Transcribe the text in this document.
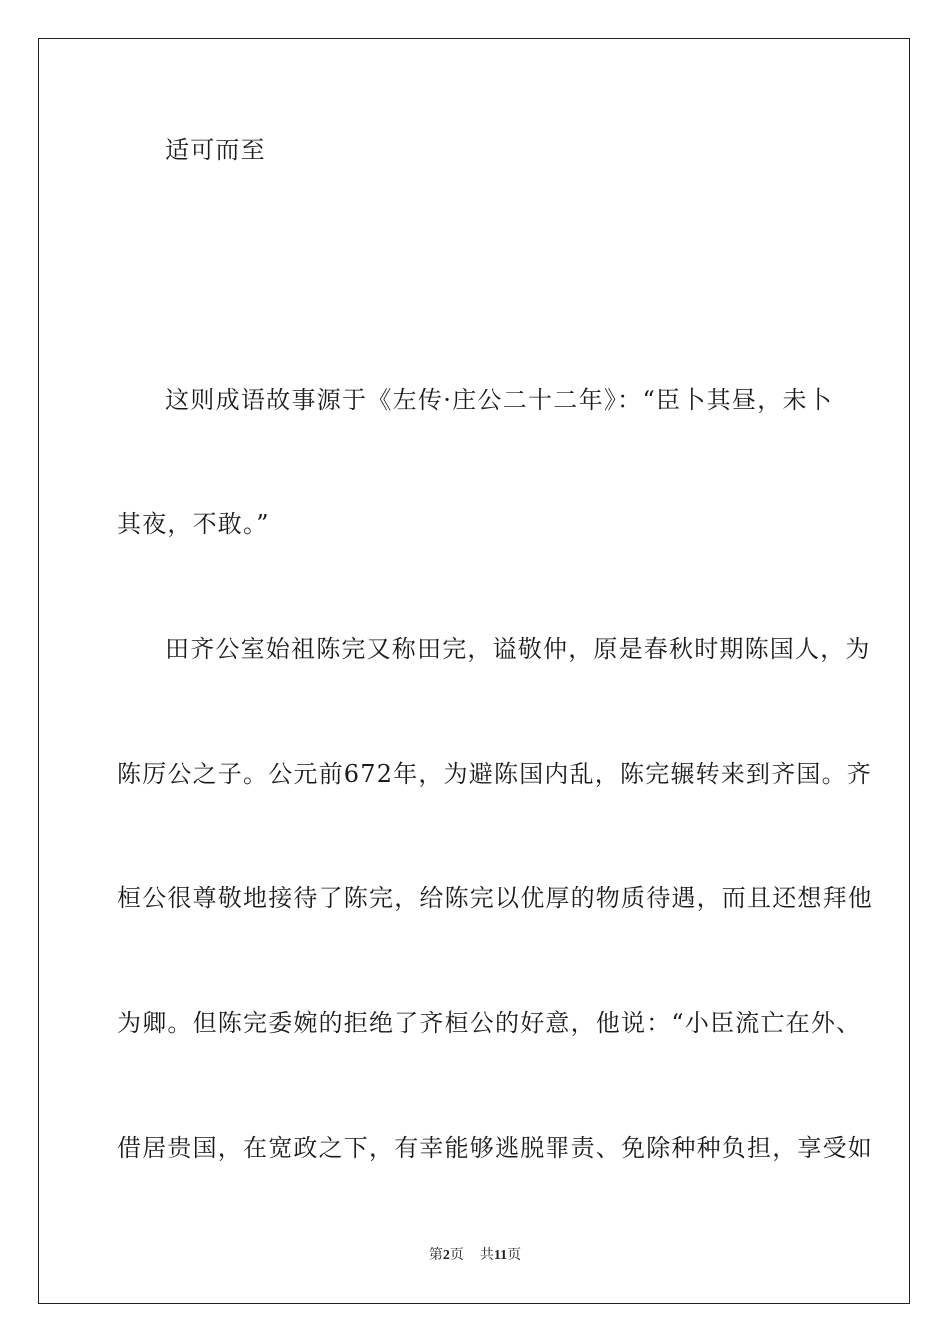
适可而至
这则成语故事源于《左传·庄公二十二年》：“臣卜其昼，未卜
其夜，不敢。”
田齐公室始祖陈完又称田完，谥敬仲，原是春秋时期陈国人，为
陈厉公之子。公元前672年，为避陈国内乱，陈完辗转来到齐国。齐
桓公很尊敬地接待了陈完，给陈完以优厚的物质待遇，而且还想拜他
为卿。但陈完委婉的拒绝了齐桓公的好意，他说：“小臣流亡在外、
借居贵国，在宽政之下，有幸能够逃脱罪责、免除种种负担，享受如
第2页 共11页
